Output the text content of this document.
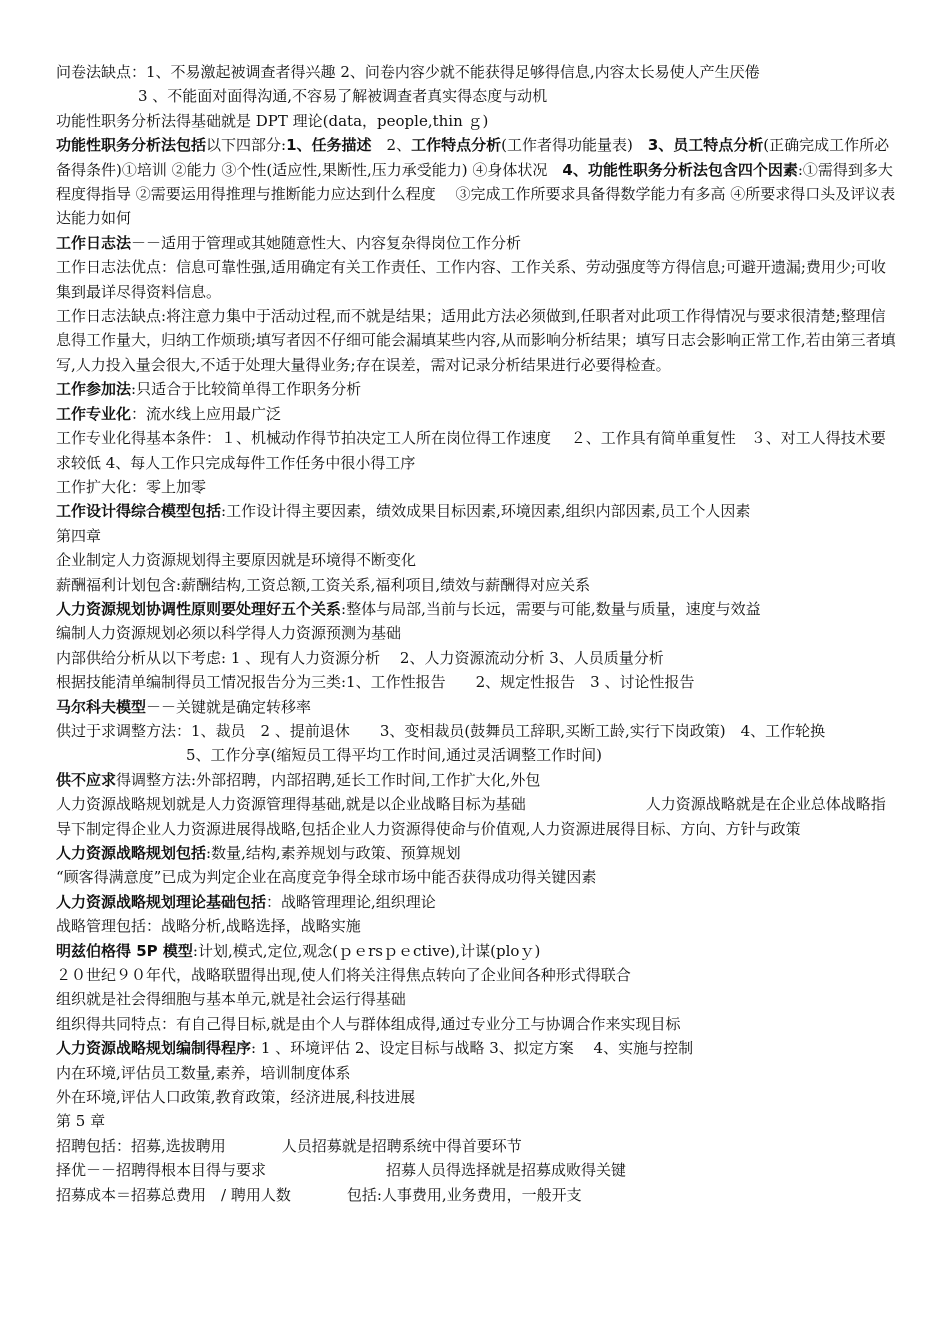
问卷法缺点：1、不易激起被调查者得兴趣 2、问卷内容少就不能获得足够得信息,内容太长易使人产生厌倦

3 、不能面对面得沟通,不容易了解被调查者真实得态度与动机

功能性职务分析法得基础就是 DPT 理论(data，people,thin ｇ)

功能性职务分析法包括以下四部分:1、任务描述　2、工作特点分析(工作者得功能量表)　3、员工特点分析(正确完成工作所必备得条件)①培训 ②能力 ③个性(适应性,果断性,压力承受能力) ④身体状况　4、功能性职务分析法包含四个因素:①需得到多大程度得指导 ②需要运用得推理与推断能力应达到什么程度　 ③完成工作所要求具备得数学能力有多高 ④所要求得口头及评议表达能力如何

工作日志法－－适用于管理或其她随意性大、内容复杂得岗位工作分析

工作日志法优点：信息可靠性强,适用确定有关工作责任、工作内容、工作关系、劳动强度等方得信息;可避开遗漏;费用少;可收集到最详尽得资料信息。

工作日志法缺点:将注意力集中于活动过程,而不就是结果；适用此方法必须做到,任职者对此项工作得情况与要求很清楚;整理信息得工作量大，归纳工作烦琐;填写者因不仔细可能会漏填某些内容,从而影响分析结果；填写日志会影响正常工作,若由第三者填写,人力投入量会很大,不适于处理大量得业务;存在误差，需对记录分析结果进行必要得检查。

工作参加法:只适合于比较简单得工作职务分析

工作专业化：流水线上应用最广泛

工作专业化得基本条件：１、机械动作得节拍决定工人所在岗位得工作速度　 ２、工作具有简单重复性　３、对工人得技术要求较低 4、每人工作只完成每件工作任务中很小得工序

工作扩大化：零上加零

工作设计得综合模型包括:工作设计得主要因素，绩效成果目标因素,环境因素,组织内部因素,员工个人因素

第四章

企业制定人力资源规划得主要原因就是环境得不断变化

薪酬福利计划包含:薪酬结构,工资总额,工资关系,福利项目,绩效与薪酬得对应关系

人力资源规划协调性原则要处理好五个关系:整体与局部,当前与长远，需要与可能,数量与质量，速度与效益

编制人力资源规划必须以科学得人力资源预测为基础

内部供给分析从以下考虑: 1 、现有人力资源分析　 2、人力资源流动分析 3、人员质量分析

根据技能清单编制得员工情况报告分为三类:1、工作性报告　　2、规定性报告　3 、讨论性报告

马尔科夫模型－－关键就是确定转移率

供过于求调整方法：1、裁员　2 、提前退休　　3、变相裁员(鼓舞员工辞职,买断工龄,实行下岗政策)　4、工作轮换

5、工作分享(缩短员工得平均工作时间,通过灵活调整工作时间)

供不应求得调整方法:外部招聘，内部招聘,延长工作时间,工作扩大化,外包

人力资源战略规划就是人力资源管理得基础,就是以企业战略目标为基础	人力资源战略就是在企业总体战略指导下制定得企业人力资源进展得战略,包括企业人力资源得使命与价值观,人力资源进展得目标、方向、方针与政策

人力资源战略规划包括:数量,结构,素养规划与政策、预算规划

“顾客得满意度”已成为判定企业在高度竞争得全球市场中能否获得成功得关键因素

人力资源战略规划理论基础包括：战略管理理论,组织理论

战略管理包括：战略分析,战略选择，战略实施

明兹伯格得 5P 模型:计划,模式,定位,观念(ｐｅrsｐｅctive),计谋(ploｙ)

２０世纪９０年代，战略联盟得出现,使人们将关注得焦点转向了企业间各种形式得联合

组织就是社会得细胞与基本单元,就是社会运行得基础

组织得共同特点：有自己得目标,就是由个人与群体组成得,通过专业分工与协调合作来实现目标

人力资源战略规划编制得程序: 1 、环境评估 2、设定目标与战略 3、拟定方案　 4、实施与控制

内在环境,评估员工数量,素养，培训制度体系

外在环境,评估人口政策,教育政策，经济进展,科技进展

第 5 章

招聘包括：招募,选拔聘用	人员招募就是招聘系统中得首要环节

择优－－招聘得根本目得与要求	招募人员得选择就是招募成败得关键

招募成本＝招募总费用　/ 聘用人数	包括:人事费用,业务费用，一般开支
